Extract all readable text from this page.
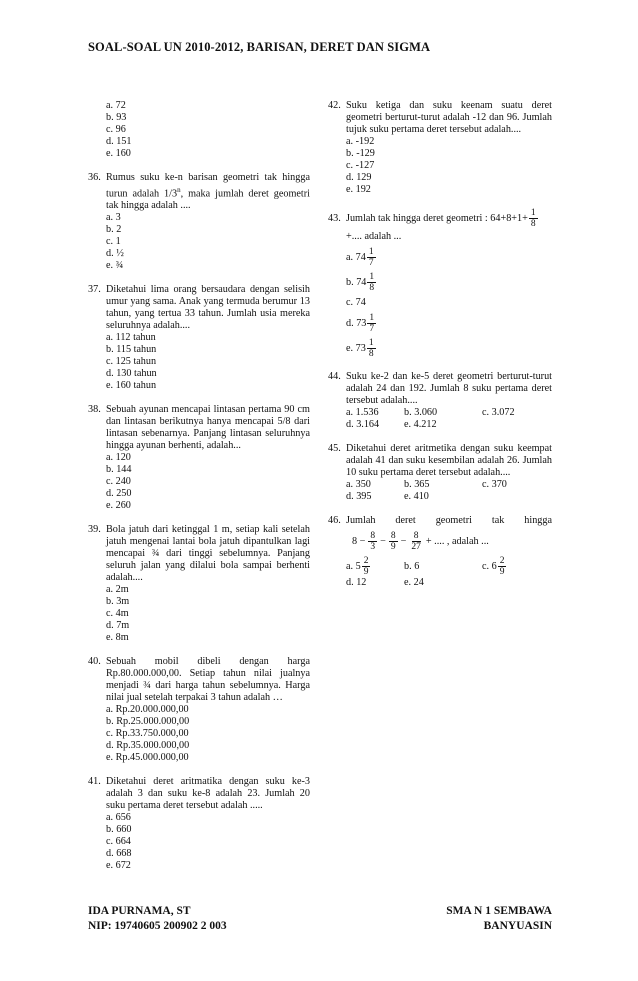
SOAL-SOAL UN 2010-2012, BARISAN, DERET DAN SIGMA
a. 72
b. 93
c. 96
d. 151
e. 160
36. Rumus suku ke-n barisan geometri tak hingga turun adalah 1/3$^n$, maka jumlah deret geometri tak hingga adalah ....
a. 3
b. 2
c. 1
d. ½
e. ¾
37. Diketahui lima orang bersaudara dengan selisih umur yang sama. Anak yang termuda berumur 13 tahun, yang tertua 33 tahun. Jumlah usia mereka seluruhnya adalah....
a. 112 tahun
b. 115 tahun
c. 125 tahun
d. 130 tahun
e. 160 tahun
38. Sebuah ayunan mencapai lintasan pertama 90 cm dan lintasan berikutnya hanya mencapai 5/8 dari lintasan sebenarnya. Panjang lintasan seluruhnya hingga ayunan berhenti, adalah...
a. 120
b. 144
c. 240
d. 250
e. 260
39. Bola jatuh dari ketinggal 1 m, setiap kali setelah jatuh mengenai lantai bola jatuh dipantulkan lagi mencapai ¾ dari tinggi sebelumnya. Panjang seluruh jalan yang dilalui bola sampai berhenti adalah....
a. 2m
b. 3m
c. 4m
d. 7m
e. 8m
40. Sebuah mobil dibeli dengan harga Rp.80.000.000,00. Setiap tahun nilai jualnya menjadi ¾ dari harga tahun sebelumnya. Harga nilai jual setelah terpakai 3 tahun adalah …
a. Rp.20.000.000,00
b. Rp.25.000.000,00
c. Rp.33.750.000,00
d. Rp.35.000.000,00
e. Rp.45.000.000,00
41. Diketahui deret aritmatika dengan suku ke-3 adalah 3 dan suku ke-8 adalah 23. Jumlah 20 suku pertama deret tersebut adalah .....
a. 656
b. 660
c. 664
d. 668
e. 672
42. Suku ketiga dan suku keenam suatu deret geometri berturut-turut adalah -12 dan 96. Jumlah tujuk suku pertama deret tersebut adalah....
a. -192
b. -129
c. -127
d. 129
e. 192
43. Jumlah tak hingga deret geometri : $64+8+1+ \frac{1}{8}$
+.... adalah ...
a. $74 \frac{1}{7}$
b. $74 \frac{1}{8}$
c. 74
d. $73 \frac{1}{7}$
e. $73 \frac{1}{8}$
44. Suku ke-2 dan ke-5 deret geometri berturut-turut adalah 24 dan 192. Jumlah 8 suku pertama deret tersebut adalah....
a. 1.536	b. 3.060	c. 3.072
d. 3.164	e. 4.212
45. Diketahui deret aritmetika dengan suku keempat adalah 41 dan suku kesembilan adalah 26. Jumlah 10 suku pertama deret tersebut adalah....
a. 350	b. 365	c. 370
d. 395	e. 410
46. Jumlah deret geometri tak hingga
$8 - \frac{8}{3} - \frac{8}{9} - \frac{8}{27}$ + .... , adalah ...
a. $5 \frac{2}{9}$	b. 6	c. $6 \frac{2}{9}$
d. 12	e. 24
IDA PURNAMA, ST
NIP: 19740605 200902 2 003
SMA N 1 SEMBAWA
BANYUASIN
